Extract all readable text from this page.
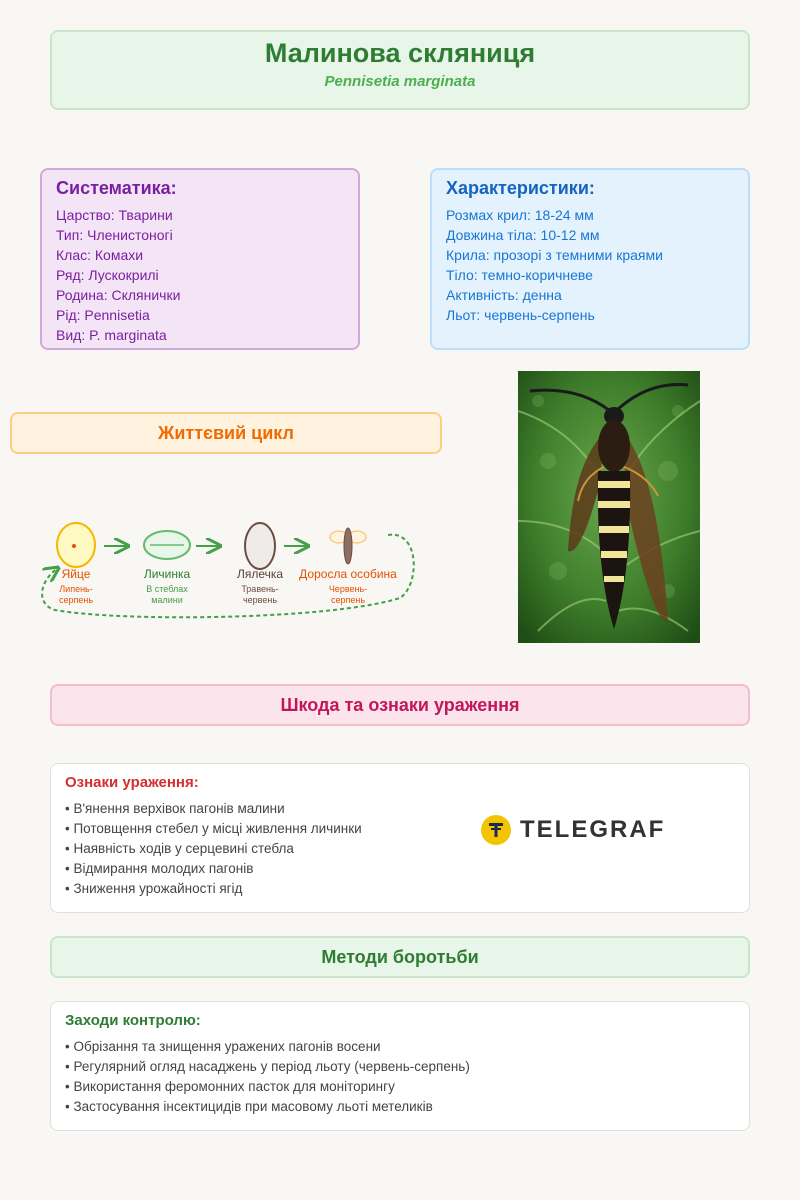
Малинова скляниця
Pennisetia marginata
Систематика:
Царство: Тварини
Тип: Членистоногі
Клас: Комахи
Ряд: Лускокрилі
Родина: Склянички
Рід: Pennisetia
Вид: P. marginata
Характеристики:
Розмах крил: 18-24 мм
Довжина тіла: 10-12 мм
Крила: прозорі з темними краями
Тіло: темно-коричневе
Активність: денна
Льот: червень-серпень
Життєвий цикл
Яйце
Липень-
серпень
Личинка
В стеблах
малини
Лялечка
Травень-
червень
Доросла особина
Червень-
серпень
Шкода та ознаки ураження
Ознаки ураження:
• В'янення верхівок пагонів малини
• Потовщення стебел у місці живлення личинки
• Наявність ходів у серцевині стебла
• Відмирання молодих пагонів
• Зниження урожайності ягід
TELEGRAF
Методи боротьби
Заходи контролю:
• Обрізання та знищення уражених пагонів восени
• Регулярний огляд насаджень у період льоту (червень-серпень)
• Використання феромонних пасток для моніторингу
• Застосування інсектицидів при масовому льоті метеликів
